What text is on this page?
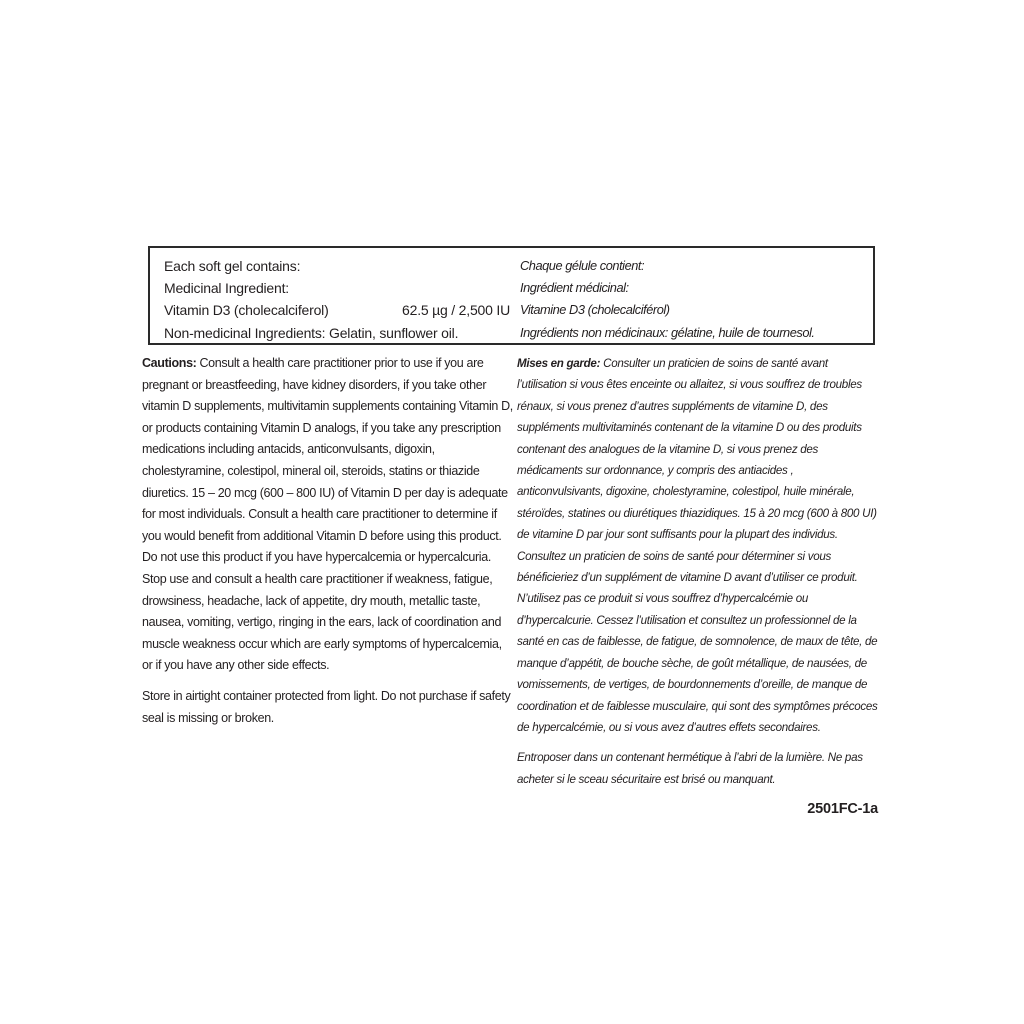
Each soft gel contains:
Medicinal Ingredient:
Vitamin D3 (cholecalciferol)	62.5 µg / 2,500 IU
Non-medicinal Ingredients: Gelatin, sunflower oil.
Chaque gélule contient:
Ingrédient médicinal:
Vitamine D3 (cholecalciférol)
Ingrédients non médicinaux: gélatine, huile de tournesol.

Cautions: Consult a health care practitioner prior to use if you are pregnant or breastfeeding, have kidney disorders, if you take other vitamin D supplements, multivitamin supplements containing Vitamin D, or products containing Vitamin D analogs, if you take any prescription medications including antacids, anticonvulsants, digoxin, cholestyramine, colestipol, mineral oil, steroids, statins or thiazide diuretics. 15 – 20 mcg (600 – 800 IU) of Vitamin D per day is adequate for most individuals. Consult a health care practitioner to determine if you would benefit from additional Vitamin D before using this product. Do not use this product if you have hypercalcemia or hypercalcuria. Stop use and consult a health care practitioner if weakness, fatigue, drowsiness, headache, lack of appetite, dry mouth, metallic taste, nausea, vomiting, vertigo, ringing in the ears, lack of coordination and muscle weakness occur which are early symptoms of hypercalcemia, or if you have any other side effects.

Store in airtight container protected from light. Do not purchase if safety seal is missing or broken.

Mises en garde: Consulter un praticien de soins de santé avant l’utilisation si vous êtes enceinte ou allaitez, si vous souffrez de troubles rénaux, si vous prenez d’autres suppléments de vitamine D, des suppléments multivitaminés contenant de la vitamine D ou des produits contenant des analogues de la vitamine D, si vous prenez des médicaments sur ordonnance, y compris des antiacides , anticonvulsivants, digoxine, cholestyramine, colestipol, huile minérale, stéroïdes, statines ou diurétiques thiazidiques. 15 à 20 mcg (600 à 800 UI) de vitamine D par jour sont suffisants pour la plupart des individus. Consultez un praticien de soins de santé pour déterminer si vous bénéficieriez d’un supplément de vitamine D avant d’utiliser ce produit. N’utilisez pas ce produit si vous souffrez d’hypercalcémie ou d’hypercalcurie. Cessez l’utilisation et consultez un professionnel de la santé en cas de faiblesse, de fatigue, de somnolence, de maux de tête, de manque d’appétit, de bouche sèche, de goût métallique, de nausées, de vomissements, de vertiges, de bourdonnements d’oreille, de manque de coordination et de faiblesse musculaire, qui sont des symptômes précoces de hypercalcémie, ou si vous avez d’autres effets secondaires.

Entroposer dans un contenant hermétique à l’abri de la lumière. Ne pas acheter si le sceau sécuritaire est brisé ou manquant.

2501FC-1a
